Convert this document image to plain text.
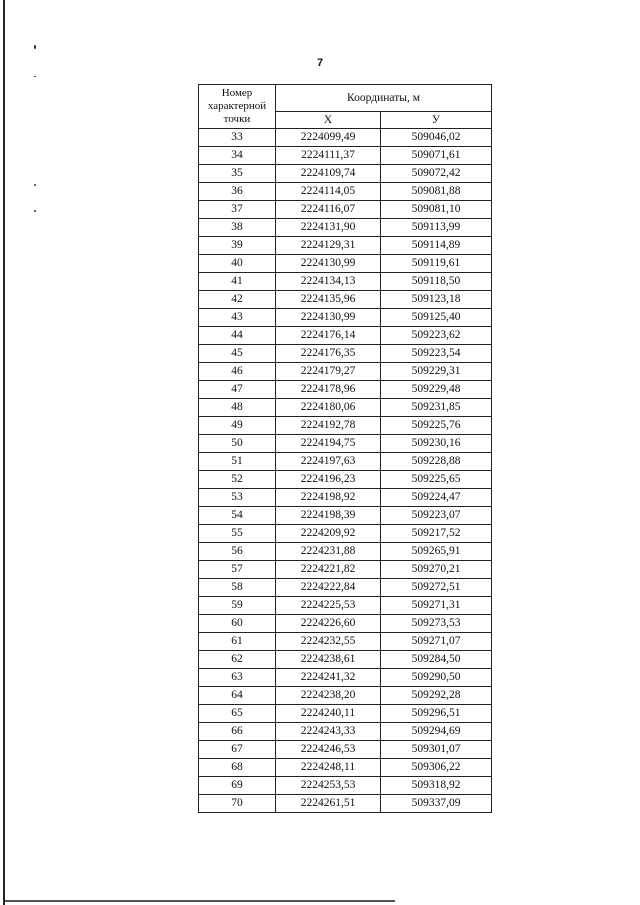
7
Номер
характерной
точки	Координаты, м	
	X	У
33	2224099,49	509046,02
34	2224111,37	509071,61
35	2224109,74	509072,42
36	2224114,05	509081,88
37	2224116,07	509081,10
38	2224131,90	509113,99
39	2224129,31	509114,89
40	2224130,99	509119,61
41	2224134,13	509118,50
42	2224135,96	509123,18
43	2224130,99	509125,40
44	2224176,14	509223,62
45	2224176,35	509223,54
46	2224179,27	509229,31
47	2224178,96	509229,48
48	2224180,06	509231,85
49	2224192,78	509225,76
50	2224194,75	509230,16
51	2224197,63	509228,88
52	2224196,23	509225,65
53	2224198,92	509224,47
54	2224198,39	509223,07
55	2224209,92	509217,52
56	2224231,88	509265,91
57	2224221,82	509270,21
58	2224222,84	509272,51
59	2224225,53	509271,31
60	2224226,60	509273,53
61	2224232,55	509271,07
62	2224238,61	509284,50
63	2224241,32	509290,50
64	2224238,20	509292,28
65	2224240,11	509296,51
66	2224243,33	509294,69
67	2224246,53	509301,07
68	2224248,11	509306,22
69	2224253,53	509318,92
70	2224261,51	509337,09
